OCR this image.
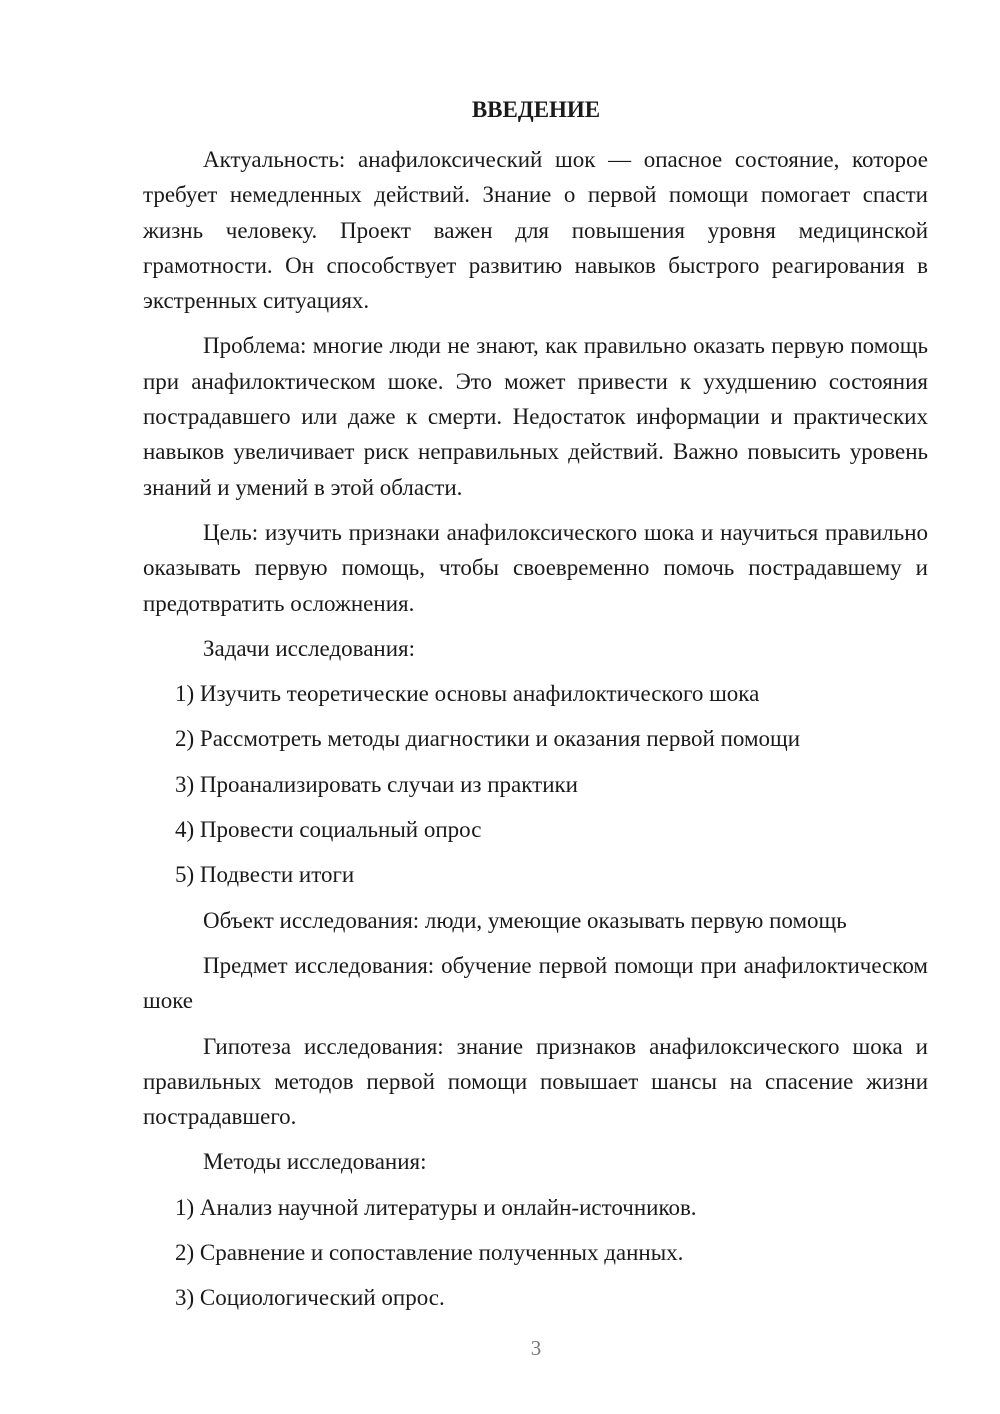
ВВЕДЕНИЕ

Актуальность: анафилоксический шок — опасное состояние, которое требует немедленных действий. Знание о первой помощи помогает спасти жизнь человеку. Проект важен для повышения уровня медицинской грамотности. Он способствует развитию навыков быстрого реагирования в экстренных ситуациях.

Проблема: многие люди не знают, как правильно оказать первую помощь при анафилоктическом шоке. Это может привести к ухудшению состояния пострадавшего или даже к смерти. Недостаток информации и практических навыков увеличивает риск неправильных действий. Важно повысить уровень знаний и умений в этой области.

Цель: изучить признаки анафилоксического шока и научиться правильно оказывать первую помощь, чтобы своевременно помочь пострадавшему и предотвратить осложнения.

Задачи исследования:

1) Изучить теоретические основы анафилоктического шока

2) Рассмотреть методы диагностики и оказания первой помощи

3) Проанализировать случаи из практики

4) Провести социальный опрос

5) Подвести итоги

Объект исследования: люди, умеющие оказывать первую помощь

Предмет исследования: обучение первой помощи при анафилоктическом шоке

Гипотеза исследования: знание признаков анафилоксического шока и правильных методов первой помощи повышает шансы на спасение жизни пострадавшего.

Методы исследования:

1) Анализ научной литературы и онлайн-источников.

2) Сравнение и сопоставление полученных данных.

3) Социологический опрос.

3
